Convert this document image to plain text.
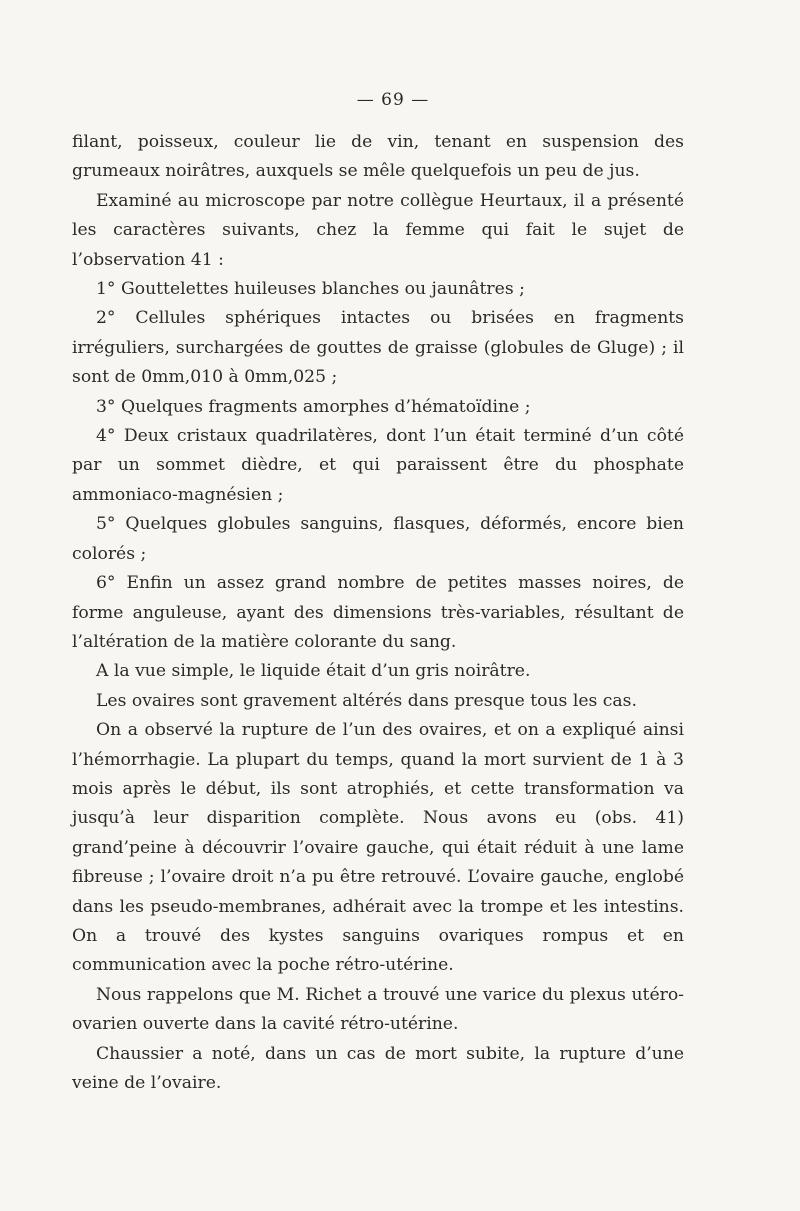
— 69 —

filant, poisseux, couleur lie de vin, tenant en suspension des grumeaux noirâtres, auxquels se mêle quelquefois un peu de jus.

Examiné au microscope par notre collègue Heurtaux, il a présenté les caractères suivants, chez la femme qui fait le sujet de l’observation 41 :

1° Gouttelettes huileuses blanches ou jaunâtres ;

2° Cellules sphériques intactes ou brisées en fragments irréguliers, surchargées de gouttes de graisse (globules de Gluge) ; il sont de 0mm,010 à 0mm,025 ;

3° Quelques fragments amorphes d’hématoïdine ;

4° Deux cristaux quadrilatères, dont l’un était terminé d’un côté par un sommet dièdre, et qui paraissent être du phosphate ammoniaco-magnésien ;

5° Quelques globules sanguins, flasques, déformés, encore bien colorés ;

6° Enfin un assez grand nombre de petites masses noires, de forme anguleuse, ayant des dimensions très-variables, résultant de l’altération de la matière colorante du sang.

A la vue simple, le liquide était d’un gris noirâtre.

Les ovaires sont gravement altérés dans presque tous les cas.

On a observé la rupture de l’un des ovaires, et on a expliqué ainsi l’hémorrhagie. La plupart du temps, quand la mort survient de 1 à 3 mois après le début, ils sont atrophiés, et cette transformation va jusqu’à leur disparition complète. Nous avons eu (obs. 41) grand’peine à découvrir l’ovaire gauche, qui était réduit à une lame fibreuse ; l’ovaire droit n’a pu être retrouvé. L’ovaire gauche, englobé dans les pseudo-membranes, adhérait avec la trompe et les intestins. On a trouvé des kystes sanguins ovariques rompus et en communication avec la poche rétro-utérine.

Nous rappelons que M. Richet a trouvé une varice du plexus utéro-ovarien ouverte dans la cavité rétro-utérine.

Chaussier a noté, dans un cas de mort subite, la rupture d’une veine de l’ovaire.
